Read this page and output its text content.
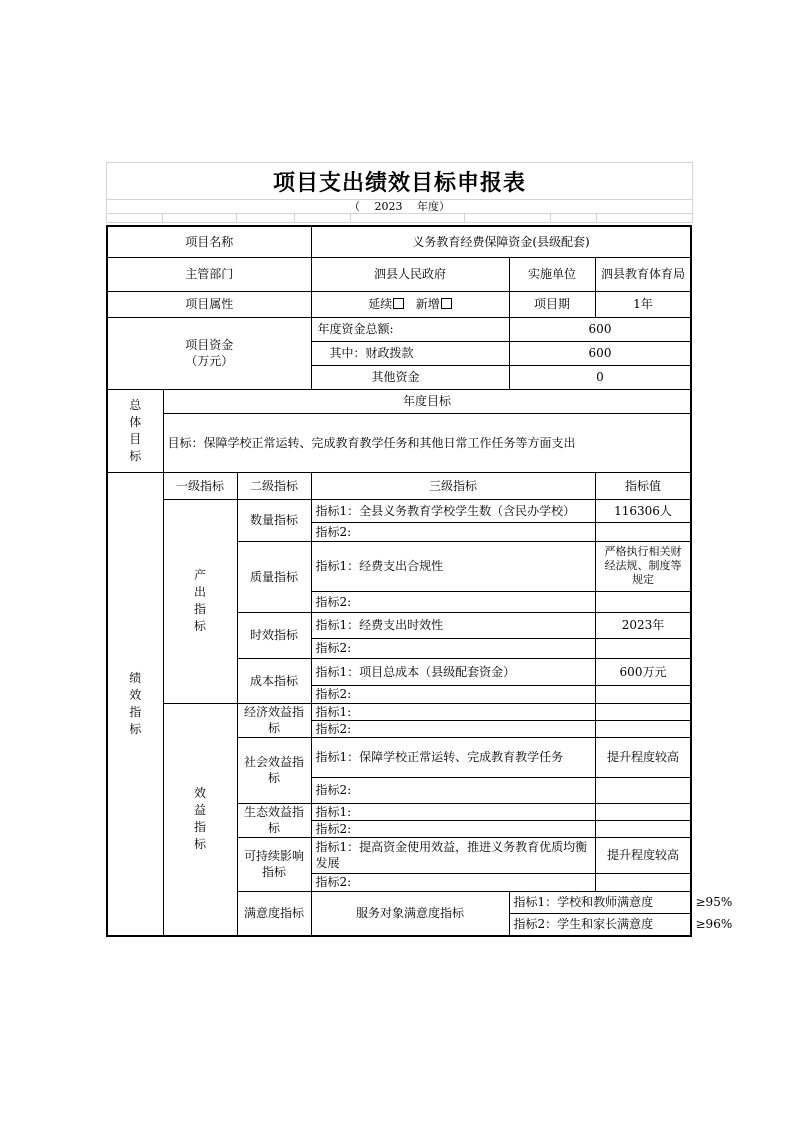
项目支出绩效目标申报表
（　 2023 　年度）

项目名称			义务教育经费保障资金(县级配套)			
主管部门			泗县人民政府	实施单位	泗县教育体育局	
项目属性			延续 新增	项目期	1年	

项目资金
（万元）			年度资金总额:	600		
			其中：财政拨款	600		
			其他资金	0		
总体目标	年度目标					
	目标：保障学校正常运转、完成教育教学任务和其他日常工作任务等方面支出					
绩效指标	一级指标	二级指标	三级指标		指标值	
	产出指标	数量指标	指标1：全县义务教育学校学生数（含民办学校）		116306人	
			指标2:			
		质量指标	指标1：经费支出合规性		严格执行相关财经法规、制度等规定	
			指标2:			
		时效指标	指标1：经费支出时效性		2023年	
			指标2:			
		成本指标	指标1：项目总成本（县级配套资金）		600万元	
			指标2:			
	效益指标	经济效益指标	指标1:			
			指标2:			
		社会效益指标	指标1：保障学校正常运转、完成教育教学任务		提升程度较高	
			指标2:			
		生态效益指标	指标1:			
			指标2:			
		可持续影响指标	指标1：提高资金使用效益，推进义务教育优质均衡发展		提升程度较高	
			指标2:			
		满意度指标	服务对象满意度指标	指标1：学校和教师满意度		≥95%
				指标2：学生和家长满意度		≥96%
